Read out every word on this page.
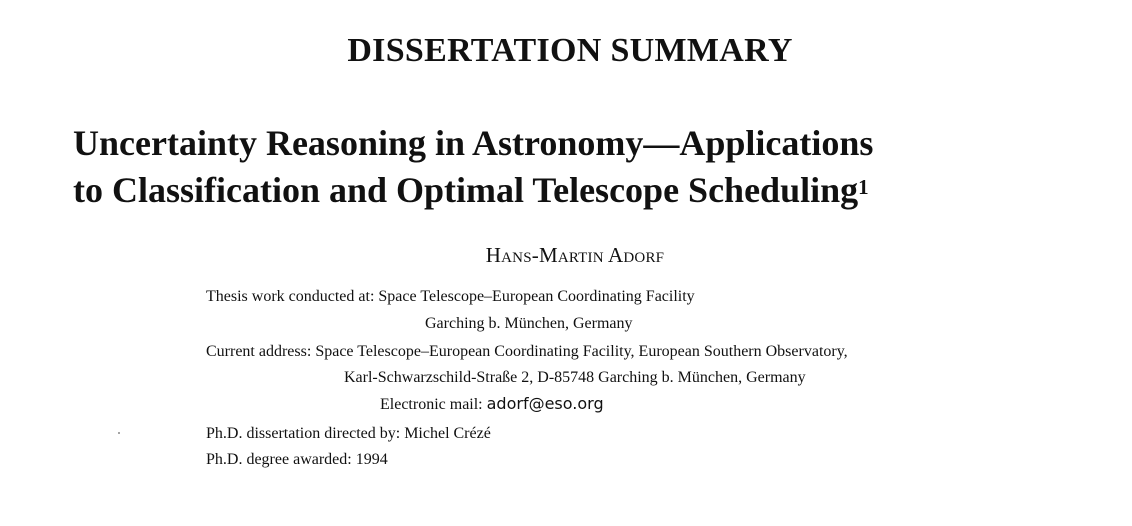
DISSERTATION SUMMARY
Uncertainty Reasoning in Astronomy—Applications
to Classification and Optimal Telescope Scheduling$^1$
Hans-Martin Adorf
Thesis work conducted at: Space Telescope–European Coordinating Facility
Garching b. München, Germany
Current address: Space Telescope–European Coordinating Facility, European Southern Observatory,
Karl-Schwarzschild-Straße 2, D-85748 Garching b. München, Germany
Electronic mail: adorf@eso.org
Ph.D. dissertation directed by: Michel Crézé
Ph.D. degree awarded: 1994
